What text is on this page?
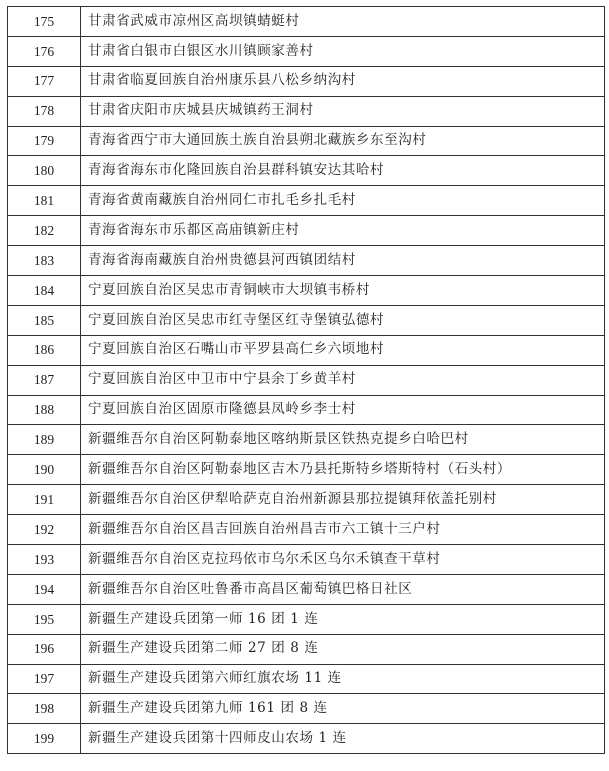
175	甘肃省武威市凉州区高坝镇蜻蜓村
176	甘肃省白银市白银区水川镇顾家善村
177	甘肃省临夏回族自治州康乐县八松乡纳沟村
178	甘肃省庆阳市庆城县庆城镇药王洞村
179	青海省西宁市大通回族土族自治县朔北藏族乡东至沟村
180	青海省海东市化隆回族自治县群科镇安达其哈村
181	青海省黄南藏族自治州同仁市扎毛乡扎毛村
182	青海省海东市乐都区高庙镇新庄村
183	青海省海南藏族自治州贵德县河西镇团结村
184	宁夏回族自治区吴忠市青铜峡市大坝镇韦桥村
185	宁夏回族自治区吴忠市红寺堡区红寺堡镇弘德村
186	宁夏回族自治区石嘴山市平罗县高仁乡六顷地村
187	宁夏回族自治区中卫市中宁县余丁乡黄羊村
188	宁夏回族自治区固原市隆德县凤岭乡李士村
189	新疆维吾尔自治区阿勒泰地区喀纳斯景区铁热克提乡白哈巴村
190	新疆维吾尔自治区阿勒泰地区吉木乃县托斯特乡塔斯特村（石头村）
191	新疆维吾尔自治区伊犁哈萨克自治州新源县那拉提镇拜依盖托别村
192	新疆维吾尔自治区昌吉回族自治州昌吉市六工镇十三户村
193	新疆维吾尔自治区克拉玛依市乌尔禾区乌尔禾镇查干草村
194	新疆维吾尔自治区吐鲁番市高昌区葡萄镇巴格日社区
195	新疆生产建设兵团第一师 16 团 1 连
196	新疆生产建设兵团第二师 27 团 8 连
197	新疆生产建设兵团第六师红旗农场 11 连
198	新疆生产建设兵团第九师 161 团 8 连
199	新疆生产建设兵团第十四师皮山农场 1 连
